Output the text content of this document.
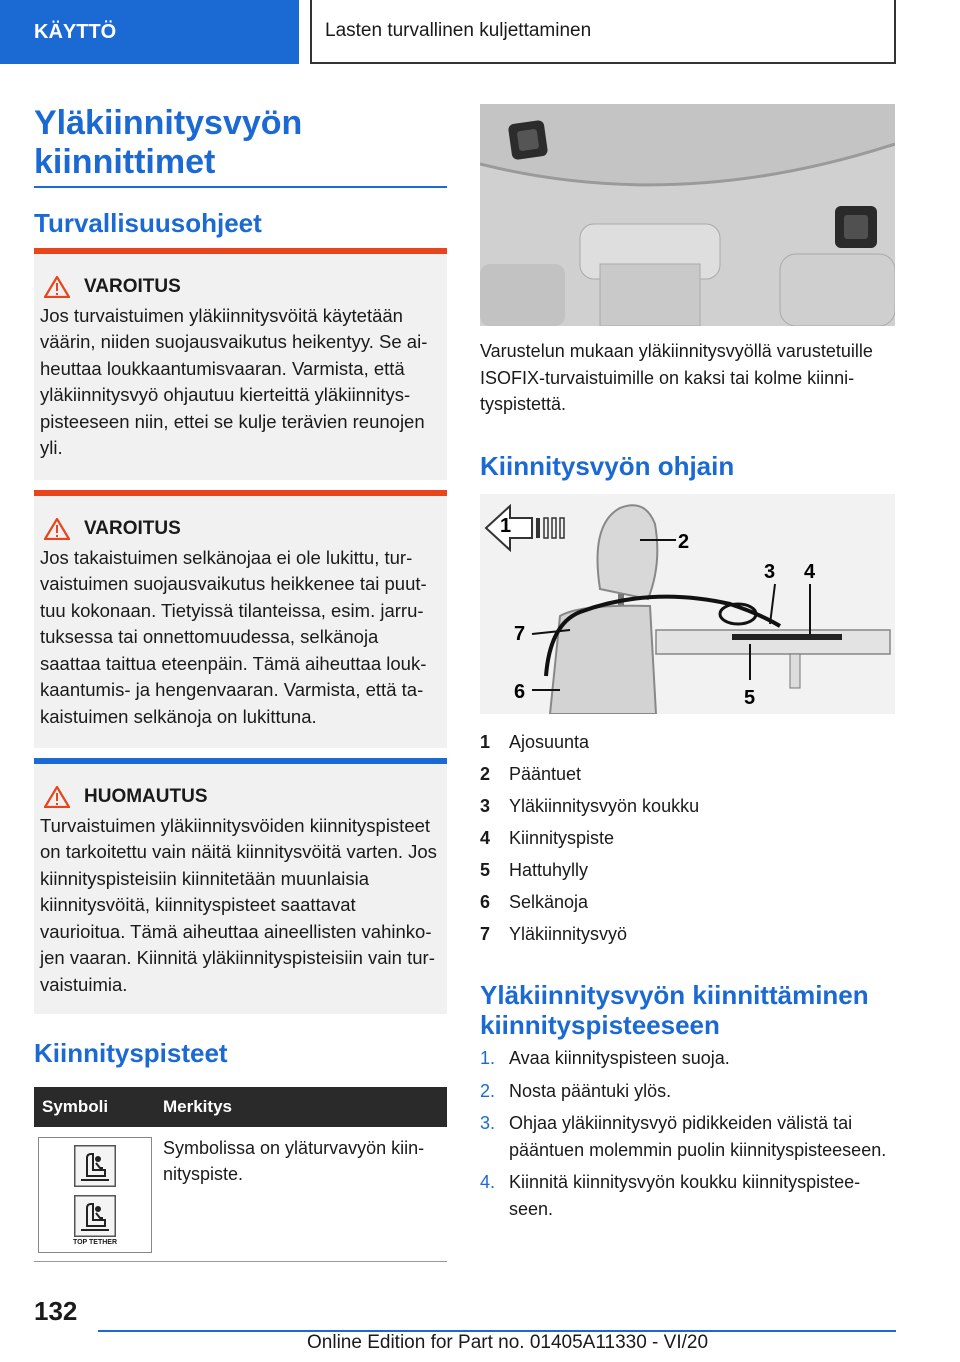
KÄYTTÖ	Lasten turvallinen kuljettaminen
Yläkiinnitysvyön kiinnittimet
Turvallisuusohjeet
VAROITUS
Jos turvaistuimen yläkiinnitysvöitä käytetään väärin, niiden suojausvaikutus heikentyy. Se aiheuttaa loukkaantumisvaaran. Varmista, että yläkiinnitysvyö ohjautuu kierteittä yläkiinnityspisteeseen niin, ettei se kulje terävien reunojen yli.
VAROITUS
Jos takaistuimen selkänojaa ei ole lukittu, turvaistuimen suojausvaikutus heikkenee tai puuttuu kokonaan. Tietyissä tilanteissa, esim. jarrutuksessa tai onnettomuudessa, selkänoja saattaa taittua eteenpäin. Tämä aiheuttaa loukkaantumis- ja hengenvaaran. Varmista, että takaistuimen selkänoja on lukittuna.
HUOMAUTUS
Turvaistuimen yläkiinnitysvöiden kiinnityspisteet on tarkoitettu vain näitä kiinnitysvöitä varten. Jos kiinnityspisteisiin kiinnitetään muunlaisia kiinnitysvöitä, kiinnityspisteet saattavat vaurioitua. Tämä aiheuttaa aineellisten vahinkojen vaaran. Kiinnitä yläkiinnityspisteisiin vain turvaistuimia.
Kiinnityspisteet
Symboli	Merkitys
TOP TETHER
Symbolissa on yläturvavyön kiinnityspiste.
Varustelun mukaan yläkiinnitysvyöllä varustetuille ISOFIX-turvaistuimille on kaksi tai kolme kiinnityspistettä.
Kiinnitysvyön ohjain
1
2
3 4
5
6
7
1	Ajosuunta
2	Pääntuet
3	Yläkiinnitysvyön koukku
4	Kiinnityspiste
5	Hattuhylly
6	Selkänoja
7	Yläkiinnitysvyö
Yläkiinnitysvyön kiinnittäminen kiinnityspisteeseen
1. Avaa kiinnityspisteen suoja.
2. Nosta pääntuki ylös.
3. Ohjaa yläkiinnitysvyö pidikkeiden välistä tai pääntuen molemmin puolin kiinnityspisteeseen.
4. Kiinnitä kiinnitysvyön koukku kiinnityspisteeseen.
132
Online Edition for Part no. 01405A11330 - VI/20
